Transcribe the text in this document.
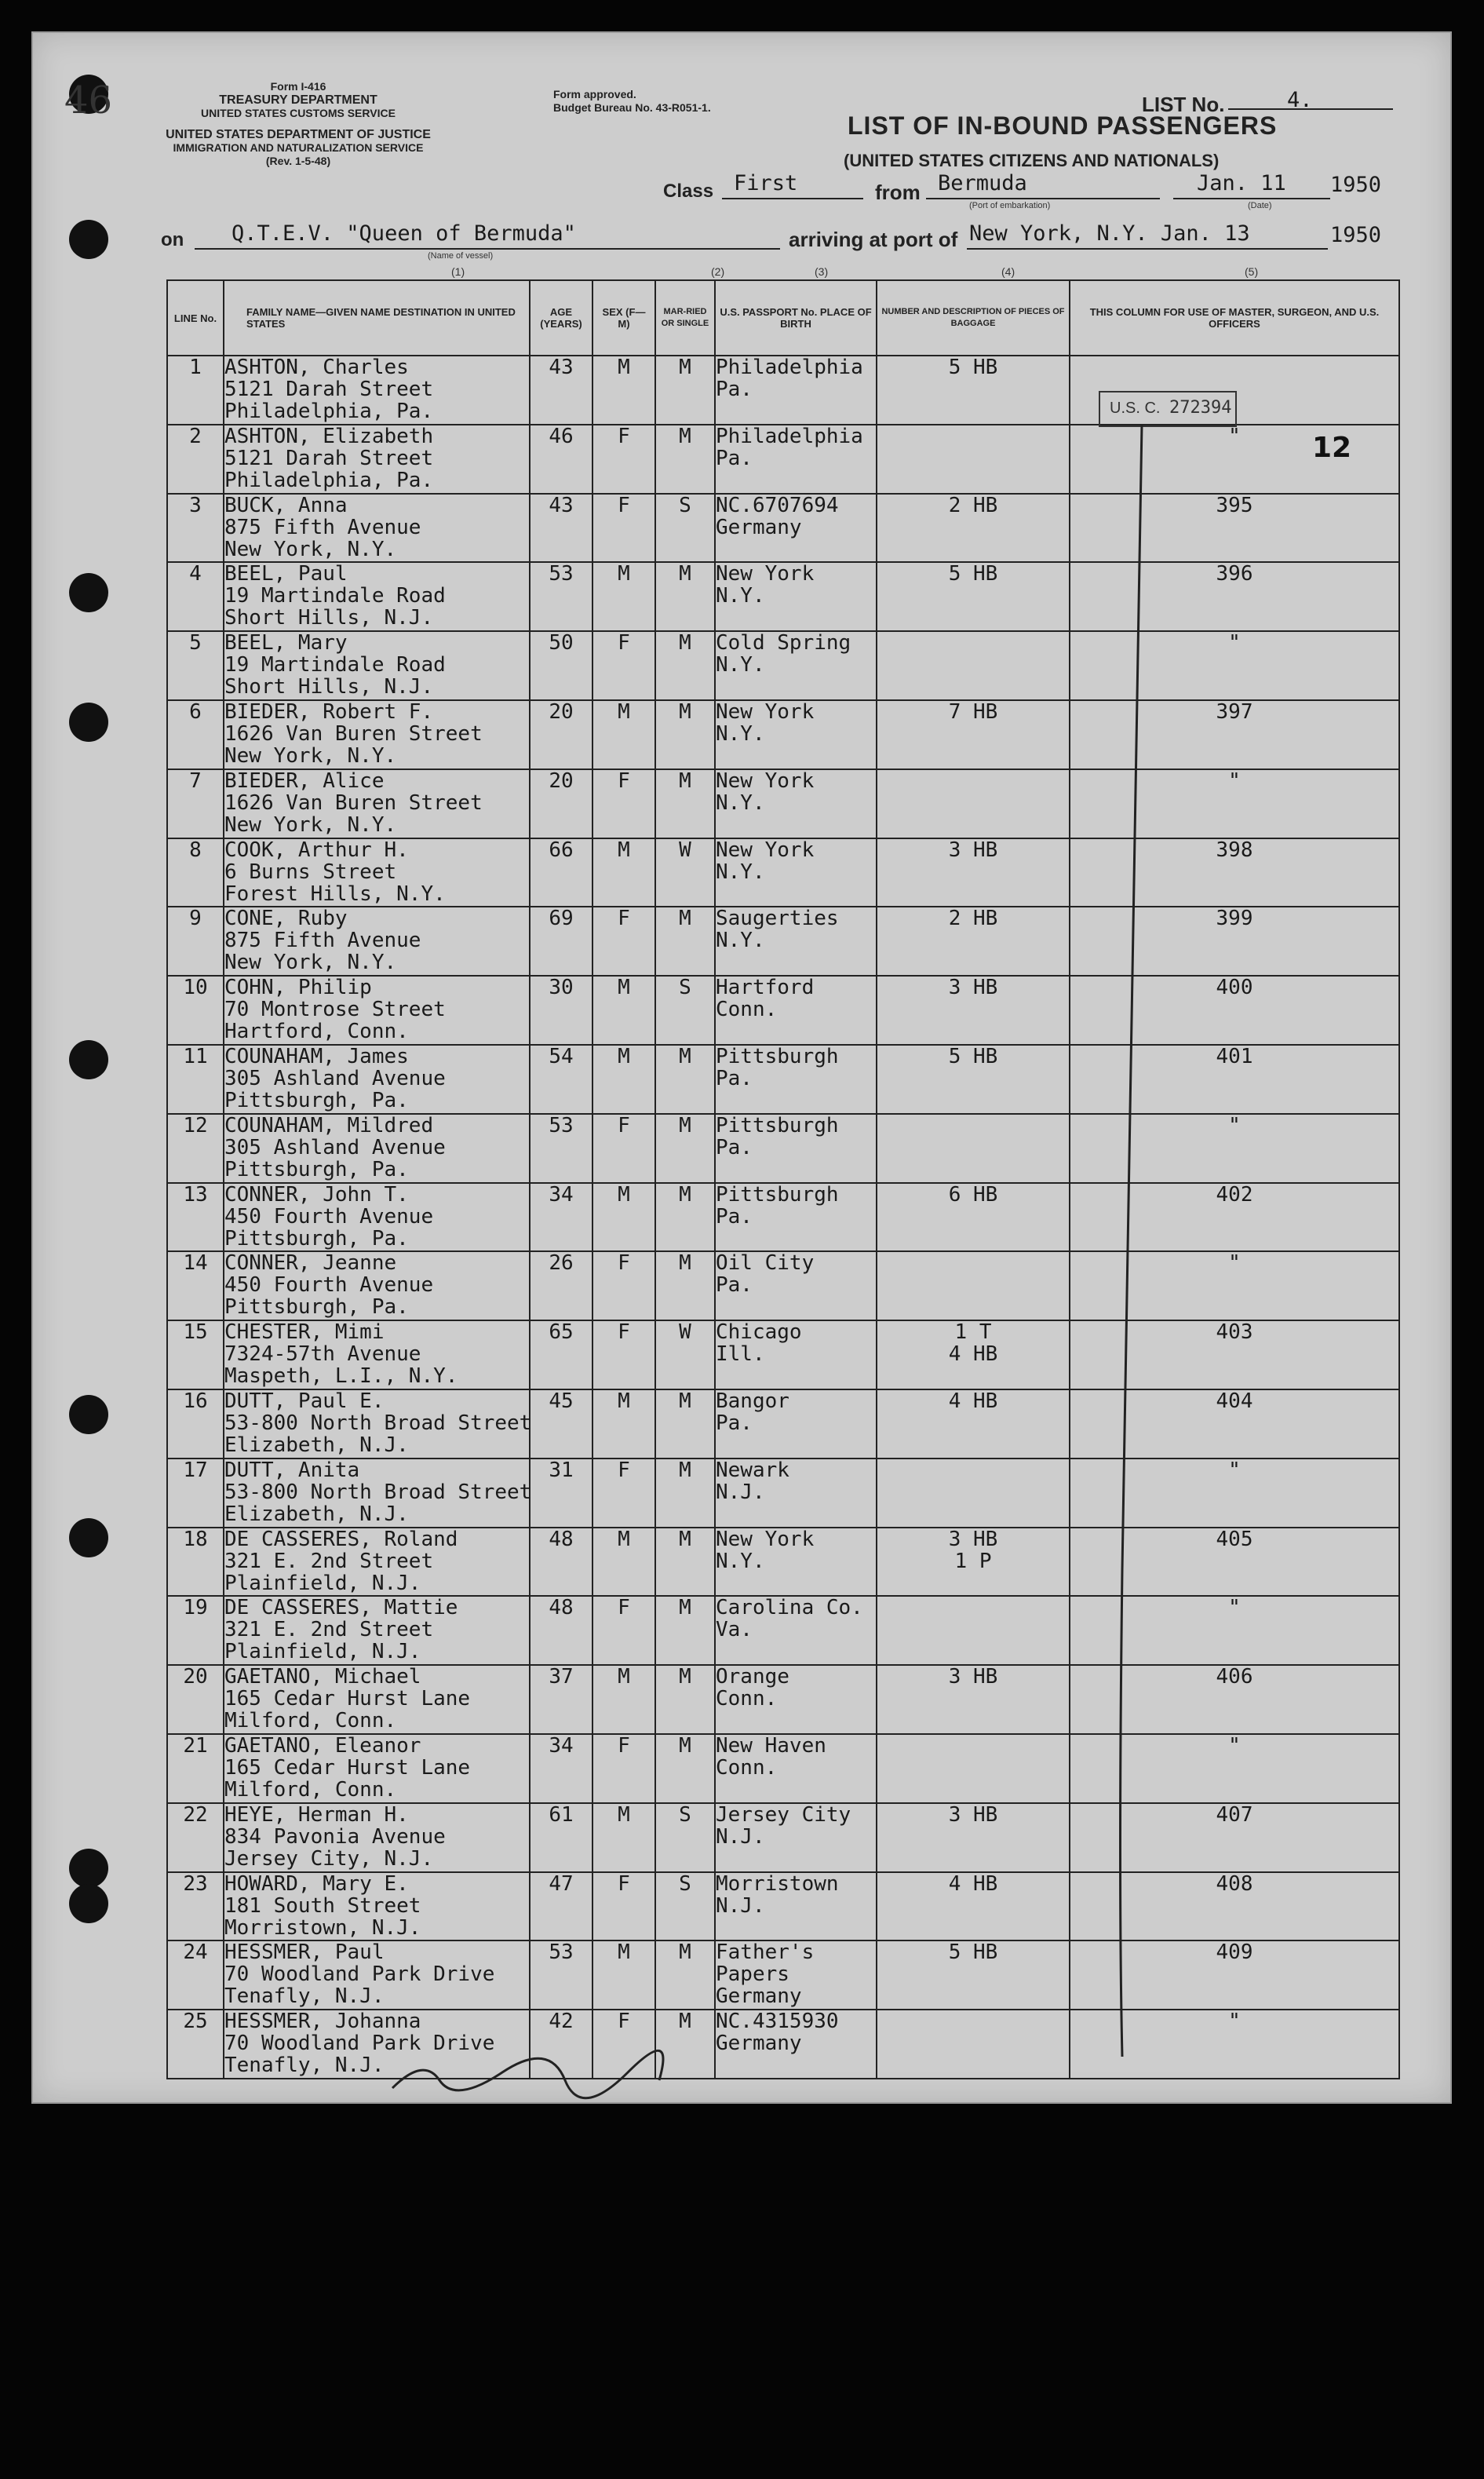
46	Form I-416
TREASURY DEPARTMENT
UNITED STATES CUSTOMS SERVICE
UNITED STATES DEPARTMENT OF JUSTICE
IMMIGRATION AND NATURALIZATION SERVICE
(Rev. 1-5-48)
Form approved.
Budget Bureau No. 43-R051-1.
LIST OF IN-BOUND PASSENGERS
(UNITED STATES CITIZENS AND NATIONALS)
LIST No.	4.
Class First	from Bermuda
(Port of embarkation)
Jan. 11
(Date)
1950
on Q.T.E.V. "Queen of Bermuda"
(Name of vessel)
arriving at port of New York, N.Y. Jan. 13	1950
(1)	(2)	(3)	(4)	(5)
LINE No.	FAMILY NAME—GIVEN NAME DESTINATION IN UNITED STATES	AGE (YEARS)	SEX (F—M)	MAR-RIED OR SINGLE	U.S. PASSPORT No. PLACE OF BIRTH	NUMBER AND DESCRIPTION OF PIECES OF BAGGAGE	THIS COLUMN FOR USE OF MASTER, SURGEON, AND U.S. OFFICERS

1	ASHTON, Charles
5121 Darah Street
Philadelphia, Pa.	43	M	M	Philadelphia
Pa.	5 HB	

2	ASHTON, Elizabeth
5121 Darah Street
Philadelphia, Pa.	46	F	M	Philadelphia
Pa.		"

3	BUCK, Anna
875 Fifth Avenue
New York, N.Y.	43	F	S	NC.6707694
Germany	2 HB	395

4	BEEL, Paul
19 Martindale Road
Short Hills, N.J.	53	M	M	New York
N.Y.	5 HB	396

5	BEEL, Mary
19 Martindale Road
Short Hills, N.J.	50	F	M	Cold Spring
N.Y.		"

6	BIEDER, Robert F.
1626 Van Buren Street
New York, N.Y.	20	M	M	New York
N.Y.	7 HB	397

7	BIEDER, Alice
1626 Van Buren Street
New York, N.Y.	20	F	M	New York
N.Y.		"

8	COOK, Arthur H.
6 Burns Street
Forest Hills, N.Y.	66	M	W	New York
N.Y.	3 HB	398

9	CONE, Ruby
875 Fifth Avenue
New York, N.Y.	69	F	M	Saugerties
N.Y.	2 HB	399

10	COHN, Philip
70 Montrose Street
Hartford, Conn.	30	M	S	Hartford
Conn.	3 HB	400

11	COUNAHAM, James
305 Ashland Avenue
Pittsburgh, Pa.	54	M	M	Pittsburgh
Pa.	5 HB	401

12	COUNAHAM, Mildred
305 Ashland Avenue
Pittsburgh, Pa.	53	F	M	Pittsburgh
Pa.		"

13	CONNER, John T.
450 Fourth Avenue
Pittsburgh, Pa.	34	M	M	Pittsburgh
Pa.	6 HB	402

14	CONNER, Jeanne
450 Fourth Avenue
Pittsburgh, Pa.	26	F	M	Oil City
Pa.		"

15	CHESTER, Mimi
7324-57th Avenue
Maspeth, L.I., N.Y.	65	F	W	Chicago
Ill.	1 T
4 HB	403

16	DUTT, Paul E.
53-800 North Broad Street
Elizabeth, N.J.	45	M	M	Bangor
Pa.	4 HB	404

17	DUTT, Anita
53-800 North Broad Street
Elizabeth, N.J.	31	F	M	Newark
N.J.		"

18	DE CASSERES, Roland
321 E. 2nd Street
Plainfield, N.J.	48	M	M	New York
N.Y.	3 HB
1 P	405

19	DE CASSERES, Mattie
321 E. 2nd Street
Plainfield, N.J.	48	F	M	Carolina Co.
Va.		"

20	GAETANO, Michael
165 Cedar Hurst Lane
Milford, Conn.	37	M	M	Orange
Conn.	3 HB	406

21	GAETANO, Eleanor
165 Cedar Hurst Lane
Milford, Conn.	34	F	M	New Haven
Conn.		"

22	HEYE, Herman H.
834 Pavonia Avenue
Jersey City, N.J.	61	M	S	Jersey City
N.J.	3 HB	407

23	HOWARD, Mary E.
181 South Street
Morristown, N.J.	47	F	S	Morristown
N.J.	4 HB	408

24	HESSMER, Paul
70 Woodland Park Drive
Tenafly, N.J.	53	M	M	Father's
Papers
Germany	5 HB	409

25	HESSMER, Johanna
70 Woodland Park Drive
Tenafly, N.J.	42	F	M	NC.4315930
Germany		"
U.S. C. 272394
12
